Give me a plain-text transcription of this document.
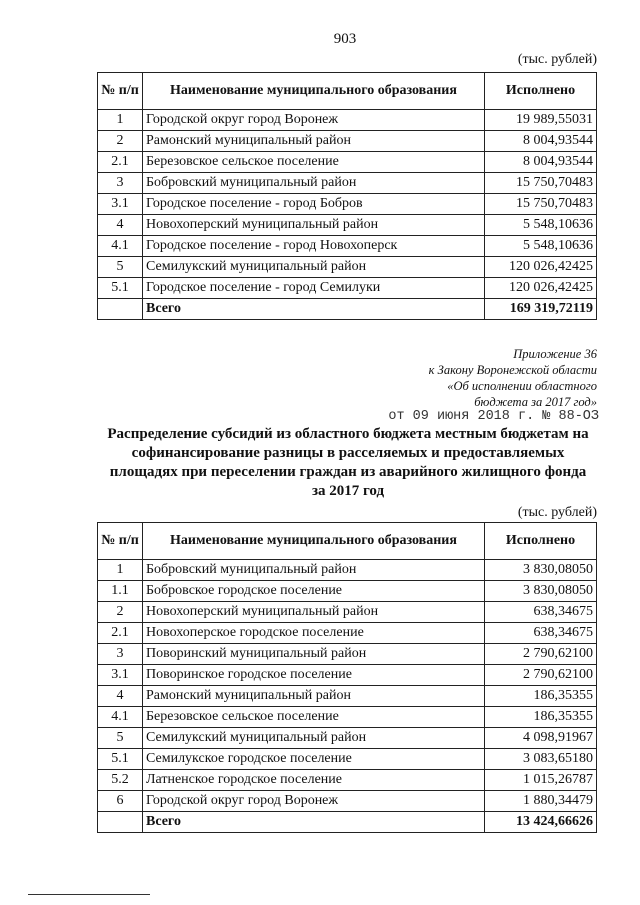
903
(тыс. рублей)
№ п/п	Наименование муниципального образования	Исполнено
1	Городской округ город Воронеж	19 989,55031
2	Рамонский муниципальный район	8 004,93544
2.1	Березовское сельское поселение	8 004,93544
3	Бобровский муниципальный район	15 750,70483
3.1	Городское поселение - город Бобров	15 750,70483
4	Новохоперский муниципальный район	5 548,10636
4.1	Городское поселение - город Новохоперск	5 548,10636
5	Семилукский муниципальный район	120 026,42425
5.1	Городское поселение - город Семилуки	120 026,42425
	Всего	169 319,72119
Приложение 36
к Закону Воронежской области
«Об исполнении областного
бюджета за 2017 год»
от 09 июня 2018 г. № 88-ОЗ
Распределение субсидий из областного бюджета местным бюджетам на
софинансирование разницы в расселяемых и предоставляемых
площадях при переселении граждан из аварийного жилищного фонда
за 2017 год
(тыс. рублей)
№ п/п	Наименование муниципального образования	Исполнено
1	Бобровский муниципальный район	3 830,08050
1.1	Бобровское городское поселение	3 830,08050
2	Новохоперский муниципальный район	638,34675
2.1	Новохоперское городское поселение	638,34675
3	Поворинский муниципальный район	2 790,62100
3.1	Поворинское городское поселение	2 790,62100
4	Рамонский муниципальный район	186,35355
4.1	Березовское сельское поселение	186,35355
5	Семилукский муниципальный район	4 098,91967
5.1	Семилукское городское поселение	3 083,65180
5.2	Латненское городское поселение	1 015,26787
6	Городской округ город Воронеж	1 880,34479
	Всего	13 424,66626
